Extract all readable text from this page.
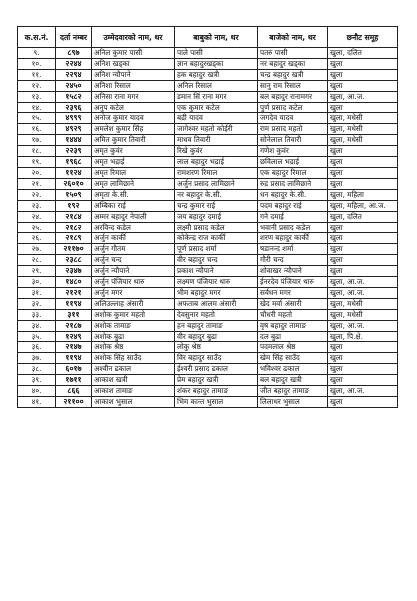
क.स.नं.	दर्ता नम्बर	उम्मेदवारको नाम, थर	बाबुको नाम, थर	बाजेको नाम, थर	छनौट समूह
९.	८९७	अनिल कुमार पासी	पाले पासी	पतरु पासी	खुला, दलित
१०.	२२४४	अनिश खड्का	ज्ञान बहादुरखड्का	नर बहादुर खड्का	खुला
११.	२२९४	अनिश न्यौपाने	हक बहादुर खत्री	चन्द्र बहादुर खत्री	खुला
१२.	२४५०	अनिशा रिसाल	अनिल रिसाल	सानु राम रिसाल	खुला
१३.	१५८२	अनिसा राना मगर	डमान सिं राना मगर	बल बहादुर रानामगर	खुला, आ.ज.
१४.	२३९६	अनुप कटेल	एक कुमार कटेल	पुर्ण प्रसाद कटेल	खुला
१५.	४९९९	अनोज कुमार यादव	बद्री यादव	जगदेव यादव	खुला, मधेसी
१६.	४९२९	अमलेश कुमार सिंह	जागेश्वर महतो कोईरी	राम प्रसाद महतो	खुला, मधेसी
१७.	१४४४	अमित कुमार तिवारी	माधव तिवारी	सोनेलाल तिवारी	खुला, मधेसी
१८.	२२३९	अमृत कुवंर	रिखे कुवंर	गणेश कुवंर	खुला
१९.	१९६८	अमृत भद्राई	लाल बहादुर भद्राई	छविलाल भद्राई	खुला
२०.	११२४	अमृत रिमाल	रामशरण रिमाल	एक बहादुर रिमाल	खुला
२१.	२६०१०	अमृत लामिछाने	अर्जुन प्रसाद लामिछाने	रुद्र प्रसाद लामिछाने	खुला
२२.	१५०९	अमृता के.सी.	नर बहादुर के.सी.	धन बहादुर के.सी.	खुला, महिला
२३.	१९२	अम्बिका राई	चन्द्र कुमार राई	पदम बहादुर राई	खुला, महिला, आ.ज.
२४.	२१८४	अम्मर बहादुर नेपाली	जय बहादुर दमाई	गने दमाई	खुला, दलित
२५.	२१८२	अरविन्द कडेल	लक्ष्मी प्रसाद कडेल	भवानी प्रसाद कडेल	खुला
२६.	२१८९	अर्जुन कार्की	कोकेन्द्र राज कार्की	शरण बहादुर कार्की	खुला
२७.	२११७०	अर्जुन गौतम	पूर्ण प्रसाद शर्मा	षडानन्द शर्मा	खुला
२८.	२३८८	अर्जुन चन्द	वीर बहादुर चन्द	गौरी चन्द	खुला
२९.	२३४७	अर्जुन न्यौपाने	प्रकाश न्यौपाने	शोवाखर न्यौपाने	खुला
३०.	१४८०	अर्जुन पंजियार थारु	लक्ष्मण पंजियार थारु	ईनरदेव पंजियार थारु	खुला, आ.ज.
३१.	२१२१	अर्जुन मगर	भीम बहादुर मगर	सर्वधन मगर	खुला, आ.ज.
३२.	११९४	अलिउल्लाह अंसारी	अफताब आलम अंसारी	खेद मर्वा अंसारी	खुला, मधेसी
३३.	३११	अशोक कुमार महतो	देवसुनार महतो	चौधरी महतो	खुला, मधेसी
३४.	२१८७	अशोक तामाङ	हन बहादुर तामाङ	वृष बहादुर तामाङ	खुला, आ.ज.
३५.	१२४९	अशोक बुढा	वीर बहादुर बुढा	दल बुढा	खुला, पि.क्षे.
३६.	२१४७	अशोक श्रेष्ठ	लोकु श्रेष्ठ	पदमलाल श्रेष्ठ	खुला
३७.	११९४	अशोक सिंह साउँद	विर बहादुर साउँद	खेम सिंह साउँद	खुला
३८.	६०१७	अश्वीन ढकाल	ईश्वरी प्रसाद ढकाल	भविश्वर ढकाल	खुला
३९.	१७११	आकाश खत्री	प्रेम बहादुर खत्री	बल बहादुर खत्री	खुला
४०.	८६६	आकाश तामाङ	शंकर बहादुर तामाङ	जीत बहादुर तामाङ	खुला, आ.ज.
४१.	२११००	आकाश भुसाल	भिम कान्त भुसाल	लिलाधर भुसाल	खुला
